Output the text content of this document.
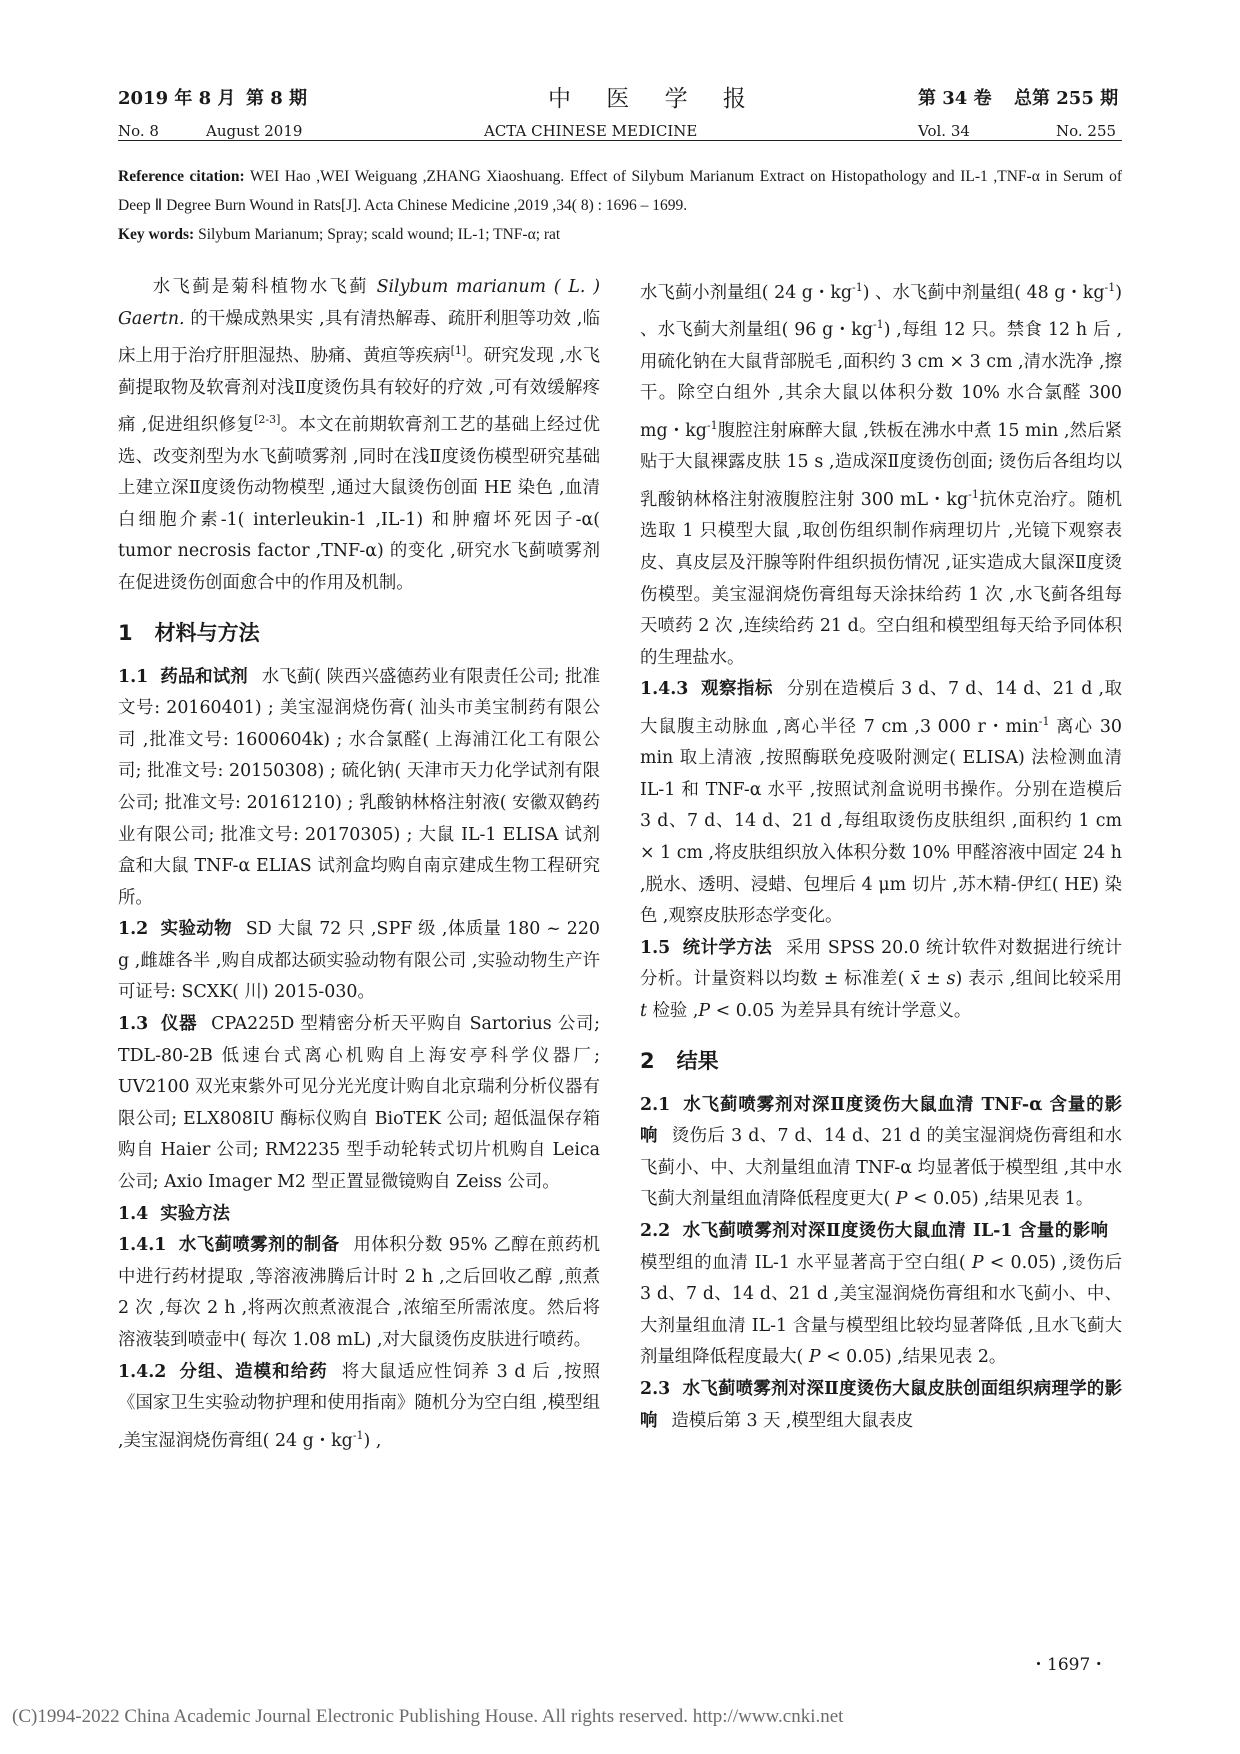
2019 年 8 月 第 8 期	中 医 学 报	第 34 卷 总第 255 期
No. 8	August 2019	ACTA CHINESE MEDICINE	Vol. 34	No. 255
Reference citation: WEI Hao ,WEI Weiguang ,ZHANG Xiaoshuang. Effect of Silybum Marianum Extract on Histopathology and IL-1 ,TNF-α in Serum of Deep Ⅱ Degree Burn Wound in Rats[J]. Acta Chinese Medicine ,2019 ,34( 8) : 1696 – 1699.
Key words: Silybum Marianum; Spray; scald wound; IL-1; TNF-α; rat

水飞蓟是菊科植物水飞蓟 Silybum marianum ( L. ) Gaertn. 的干燥成熟果实 ,具有清热解毒、疏肝利胆等功效 ,临床上用于治疗肝胆湿热、胁痛、黄疸等疾病[1]。研究发现 ,水飞蓟提取物及软膏剂对浅Ⅱ度烫伤具有较好的疗效 ,可有效缓解疼痛 ,促进组织修复[2-3]。本文在前期软膏剂工艺的基础上经过优选、改变剂型为水飞蓟喷雾剂 ,同时在浅Ⅱ度烫伤模型研究基础上建立深Ⅱ度烫伤动物模型 ,通过大鼠烫伤创面 HE 染色 ,血清白细胞介素-1( interleukin-1 ,IL-1) 和肿瘤坏死因子-α( tumor necrosis factor ,TNF-α) 的变化 ,研究水飞蓟喷雾剂在促进烫伤创面愈合中的作用及机制。

1 材料与方法

1.1 药品和试剂 水飞蓟( 陕西兴盛德药业有限责任公司; 批准文号: 20160401) ; 美宝湿润烧伤膏( 汕头市美宝制药有限公司 ,批准文号: 1600604k) ; 水合氯醛( 上海浦江化工有限公司; 批准文号: 20150308) ; 硫化钠( 天津市天力化学试剂有限公司; 批准文号: 20161210) ; 乳酸钠林格注射液( 安徽双鹤药业有限公司; 批准文号: 20170305) ; 大鼠 IL-1 ELISA 试剂盒和大鼠 TNF-α ELIAS 试剂盒均购自南京建成生物工程研究所。

1.2 实验动物 SD 大鼠 72 只 ,SPF 级 ,体质量 180 ~ 220 g ,雌雄各半 ,购自成都达硕实验动物有限公司 ,实验动物生产许可证号: SCXK( 川) 2015-030。

1.3 仪器 CPA225D 型精密分析天平购自 Sartorius 公司; TDL-80-2B 低速台式离心机购自上海安亭科学仪器厂; UV2100 双光束紫外可见分光光度计购自北京瑞利分析仪器有限公司; ELX808IU 酶标仪购自 BioTEK 公司; 超低温保存箱购自 Haier 公司; RM2235 型手动轮转式切片机购自 Leica 公司; Axio Imager M2 型正置显微镜购自 Zeiss 公司。

1.4 实验方法

1.4.1 水飞蓟喷雾剂的制备 用体积分数 95% 乙醇在煎药机中进行药材提取 ,等溶液沸腾后计时 2 h ,之后回收乙醇 ,煎煮 2 次 ,每次 2 h ,将两次煎煮液混合 ,浓缩至所需浓度。然后将溶液装到喷壶中( 每次 1.08 mL) ,对大鼠烫伤皮肤进行喷药。

1.4.2 分组、造模和给药 将大鼠适应性饲养 3 d 后 ,按照《国家卫生实验动物护理和使用指南》随机分为空白组 ,模型组 ,美宝湿润烧伤膏组( 24 g・$kg^{-1}$) ,

水飞蓟小剂量组( 24 g・$kg^{-1}$) 、水飞蓟中剂量组( 48 g・$kg^{-1}$) 、水飞蓟大剂量组( 96 g・$kg^{-1}$) ,每组 12 只。禁食 12 h 后 ,用硫化钠在大鼠背部脱毛 ,面积约 3 cm × 3 cm ,清水洗净 ,擦干。除空白组外 ,其余大鼠以体积分数 10% 水合氯醛 300 mg・$kg^{-1}$腹腔注射麻醉大鼠 ,铁板在沸水中煮 15 min ,然后紧贴于大鼠裸露皮肤 15 s ,造成深Ⅱ度烫伤创面; 烫伤后各组均以乳酸钠林格注射液腹腔注射 300 mL・$kg^{-1}$抗休克治疗。随机选取 1 只模型大鼠 ,取创伤组织制作病理切片 ,光镜下观察表皮、真皮层及汗腺等附件组织损伤情况 ,证实造成大鼠深Ⅱ度烫伤模型。美宝湿润烧伤膏组每天涂抹给药 1 次 ,水飞蓟各组每天喷药 2 次 ,连续给药 21 d。空白组和模型组每天给予同体积的生理盐水。

1.4.3 观察指标 分别在造模后 3 d、7 d、14 d、21 d ,取大鼠腹主动脉血 ,离心半径 7 cm ,3 000 r・$\min^{-1}$ 离心 30 min 取上清液 ,按照酶联免疫吸附测定( ELISA) 法检测血清 IL-1 和 TNF-α 水平 ,按照试剂盒说明书操作。分别在造模后 3 d、7 d、14 d、21 d ,每组取烫伤皮肤组织 ,面积约 1 cm × 1 cm ,将皮肤组织放入体积分数 10% 甲醛溶液中固定 24 h ,脱水、透明、浸蜡、包埋后 4 μm 切片 ,苏木精-伊红( HE) 染色 ,观察皮肤形态学变化。

1.5 统计学方法 采用 SPSS 20.0 统计软件对数据进行统计分析。计量资料以均数 ± 标准差( x̄ ± s) 表示 ,组间比较采用 t 检验 ,P < 0.05 为差异具有统计学意义。

2 结果

2.1 水飞蓟喷雾剂对深Ⅱ度烫伤大鼠血清 TNF-α 含量的影响 烫伤后 3 d、7 d、14 d、21 d 的美宝湿润烧伤膏组和水飞蓟小、中、大剂量组血清 TNF-α 均显著低于模型组 ,其中水飞蓟大剂量组血清降低程度更大( P < 0.05) ,结果见表 1。

2.2 水飞蓟喷雾剂对深Ⅱ度烫伤大鼠血清 IL-1 含量的影响模型组的血清 IL-1 水平显著高于空白组( P < 0.05) ,烫伤后 3 d、7 d、14 d、21 d ,美宝湿润烧伤膏组和水飞蓟小、中、大剂量组血清 IL-1 含量与模型组比较均显著降低 ,且水飞蓟大剂量组降低程度最大( P < 0.05) ,结果见表 2。

2.3 水飞蓟喷雾剂对深Ⅱ度烫伤大鼠皮肤创面组织病理学的影响 造模后第 3 天 ,模型组大鼠表皮

・1697・
(C)1994-2022 China Academic Journal Electronic Publishing House. All rights reserved. http://www.cnki.net
